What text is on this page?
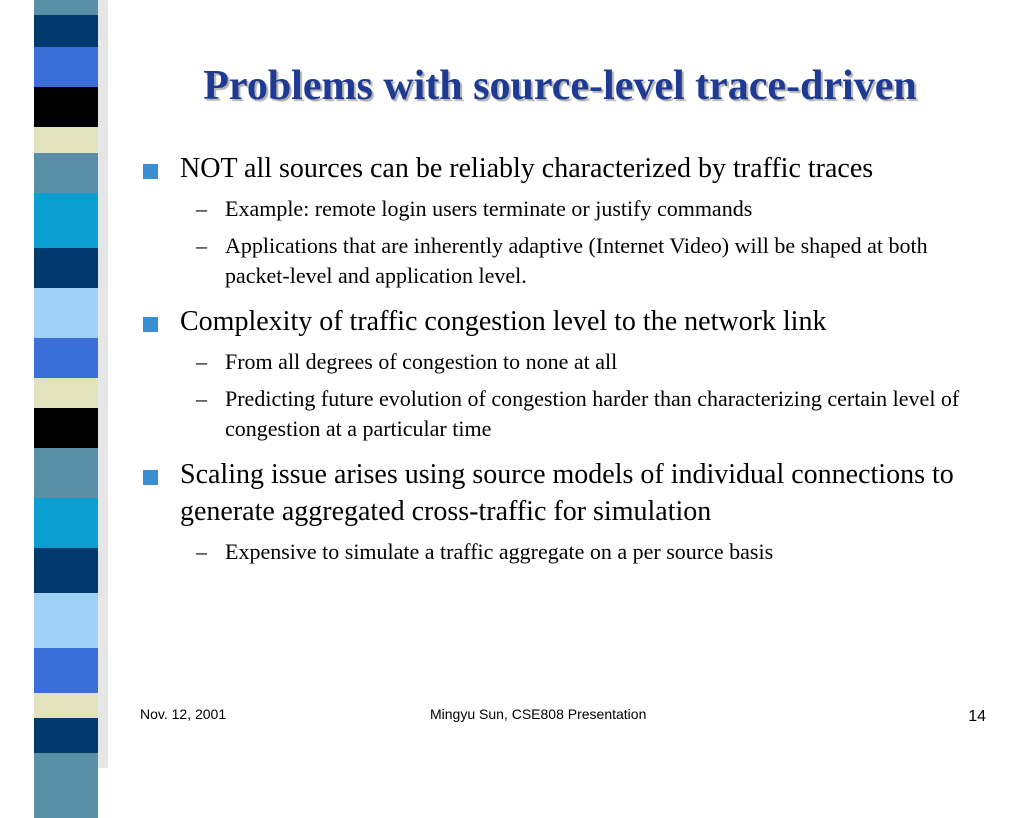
Problems with source-level trace-driven
NOT all sources can be reliably characterized by traffic traces
– Example: remote login users terminate or justify commands
– Applications that are inherently adaptive (Internet Video) will be shaped at both packet-level and application level.
Complexity of traffic congestion level to the network link
– From all degrees of congestion to none at all
– Predicting future evolution of congestion harder than characterizing certain level of congestion at a particular time
Scaling issue arises using source models of individual connections to generate aggregated cross-traffic for simulation
– Expensive to simulate a traffic aggregate on a per source basis
Nov. 12, 2001	Mingyu Sun, CSE808 Presentation	14
